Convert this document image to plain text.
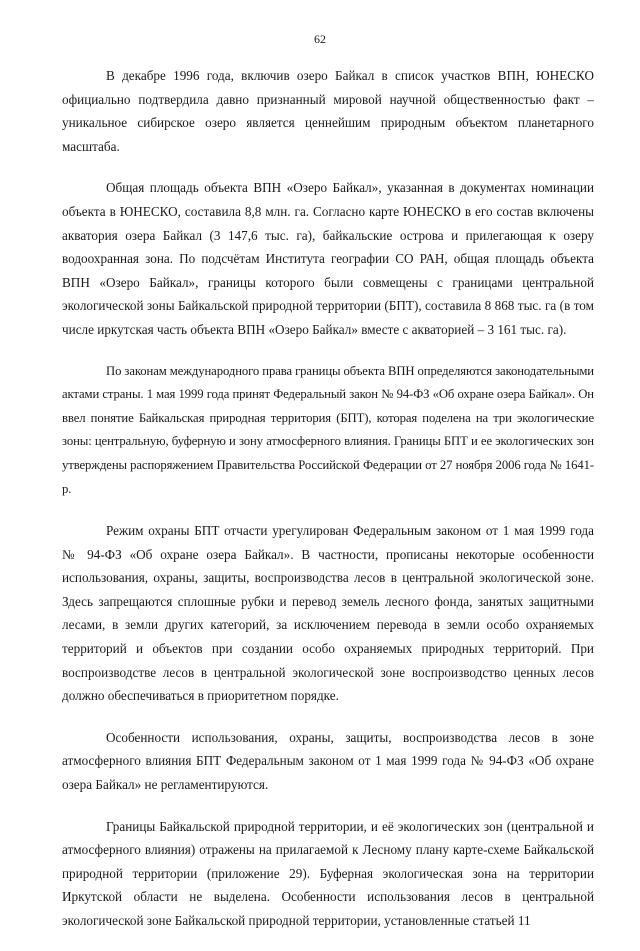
62

В декабре 1996 года, включив озеро Байкал в список участков ВПН, ЮНЕСКО официально подтвердила давно признанный мировой научной общественностью факт – уникальное сибирское озеро является ценнейшим природным объектом планетарного масштаба.

Общая площадь объекта ВПН «Озеро Байкал», указанная в документах номинации объекта в ЮНЕСКО, составила 8,8 млн. га. Согласно карте ЮНЕСКО в его состав включены акватория озера Байкал (3 147,6 тыс. га), байкальские острова и прилегающая к озеру водоохранная зона. По подсчётам Института географии СО РАН, общая площадь объекта ВПН «Озеро Байкал», границы которого были совмещены с границами центральной экологической зоны Байкальской природной территории (БПТ), составила 8 868 тыс. га (в том числе иркутская часть объекта ВПН «Озеро Байкал» вместе с акваторией – 3 161 тыс. га).

По законам международного права границы объекта ВПН определяются законодательными актами страны. 1 мая 1999 года принят Федеральный закон № 94-ФЗ «Об охране озера Байкал». Он ввел понятие Байкальская природная территория (БПТ), которая поделена на три экологические зоны: центральную, буферную и зону атмосферного влияния. Границы БПТ и ее экологических зон утверждены распоряжением Правительства Российской Федерации от 27 ноября 2006 года № 1641-р.

Режим охраны БПТ отчасти урегулирован Федеральным законом от 1 мая 1999 года № 94-ФЗ «Об охране озера Байкал». В частности, прописаны некоторые особенности использования, охраны, защиты, воспроизводства лесов в центральной экологической зоне. Здесь запрещаются сплошные рубки и перевод земель лесного фонда, занятых защитными лесами, в земли других категорий, за исключением перевода в земли особо охраняемых территорий и объектов при создании особо охраняемых природных территорий. При воспроизводстве лесов в центральной экологической зоне воспроизводство ценных лесов должно обеспечиваться в приоритетном порядке.

Особенности использования, охраны, защиты, воспроизводства лесов в зоне атмосферного влияния БПТ Федеральным законом от 1 мая 1999 года № 94-ФЗ «Об охране озера Байкал» не регламентируются.

Границы Байкальской природной территории, и её экологических зон (центральной и атмосферного влияния) отражены на прилагаемой к Лесному плану карте-схеме Байкальской природной территории (приложение 29). Буферная экологическая зона на территории Иркутской области не выделена. Особенности использования лесов в центральной экологической зоне Байкальской природной территории, установленные статьей 11
